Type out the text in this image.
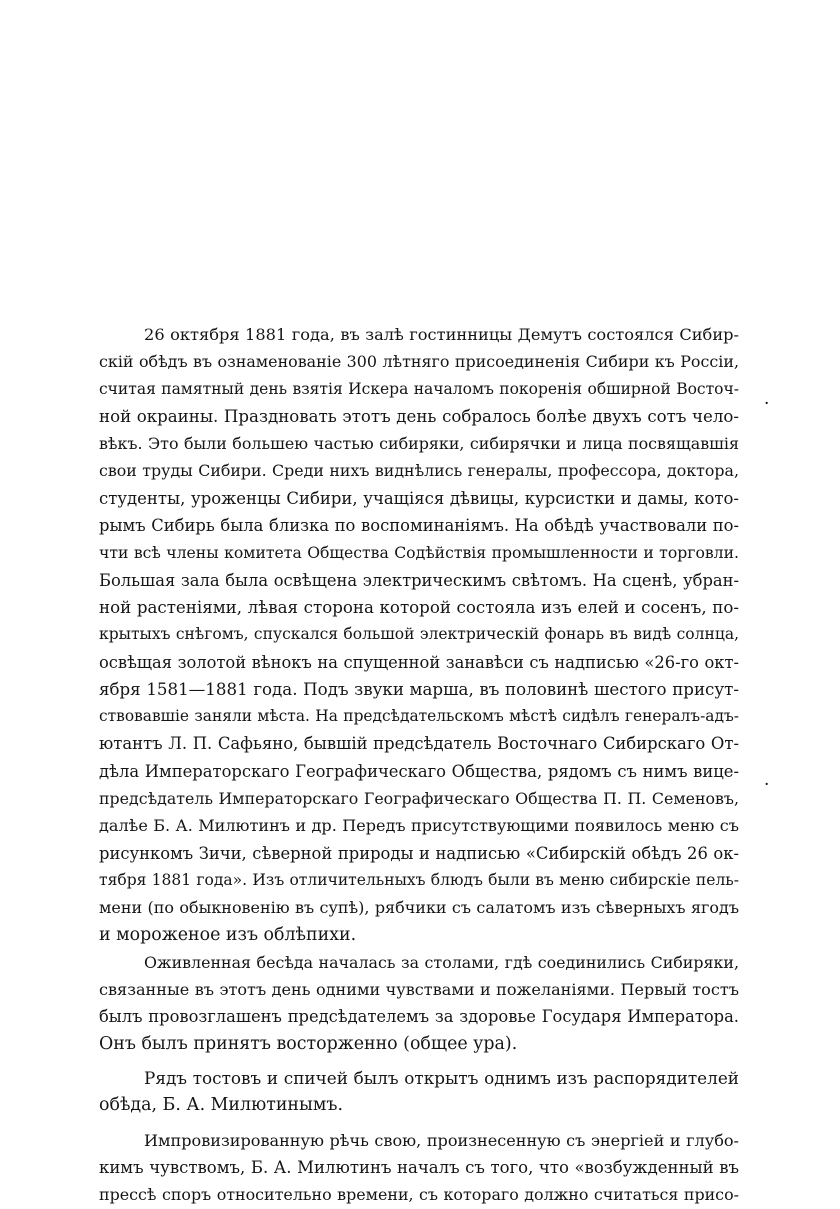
26 октября 1881 года, въ залѣ гостинницы Демутъ состоялся Сибир-
скій обѣдъ въ ознаменованіе 300 лѣтняго присоединенія Сибири къ Россіи,
считая памятный день взятія Искера началомъ покоренія обширной Восточ-
ной окраины. Праздновать этотъ день собралось болѣе двухъ сотъ чело-
вѣкъ. Это были большею частью сибиряки, сибирячки и лица посвящавшія
свои труды Сибири. Среди нихъ виднѣлись генералы, профессора, доктора,
студенты, уроженцы Сибири, учащіяся дѣвицы, курсистки и дамы, кото-
рымъ Сибирь была близка по воспоминаніямъ. На обѣдѣ участвовали по-
чти всѣ члены комитета Общества Содѣйствія промышленности и торговли.
Большая зала была освѣщена электрическимъ свѣтомъ. На сценѣ, убран-
ной растеніями, лѣвая сторона которой состояла изъ елей и сосенъ, по-
крытыхъ снѣгомъ, спускался большой электрическій фонарь въ видѣ солнца,
освѣщая золотой вѣнокъ на спущенной занавѣси съ надписью «26-го окт-
ября 1581—1881 года. Подъ звуки марша, въ половинѣ шестого присут-
ствовавшіе заняли мѣста. На предсѣдательскомъ мѣстѣ сидѣлъ генералъ-адъ-
ютантъ Л. П. Сафьяно, бывшій предсѣдатель Восточнаго Сибирскаго От-
дѣла Императорскаго Географическаго Общества, рядомъ съ нимъ вице-
предсѣдатель Императорскаго Географическаго Общества П. П. Семеновъ,
далѣе Б. А. Милютинъ и др. Передъ присутствующими появилось меню съ
рисункомъ Зичи, сѣверной природы и надписью «Сибирскій обѣдъ 26 ок-
тября 1881 года». Изъ отличительныхъ блюдъ были въ меню сибирскіе пель-
мени (по обыкновенію въ супѣ), рябчики съ салатомъ изъ сѣверныхъ ягодъ
и мороженое изъ облѣпихи.
Оживленная бесѣда началась за столами, гдѣ соединились Сибиряки,
связанные въ этотъ день одними чувствами и пожеланіями. Первый тостъ
былъ провозглашенъ предсѣдателемъ за здоровье Государя Императора.
Онъ былъ принятъ восторженно (общее ура).
Рядъ тостовъ и спичей былъ открытъ однимъ изъ распорядителей
обѣда, Б. А. Милютинымъ.
Импровизированную рѣчь свою, произнесенную съ энергіей и глубо-
кимъ чувствомъ, Б. А. Милютинъ началъ съ того, что «возбужденный въ
прессѣ споръ относительно времени, съ котораго должно считаться присо-
·
·
